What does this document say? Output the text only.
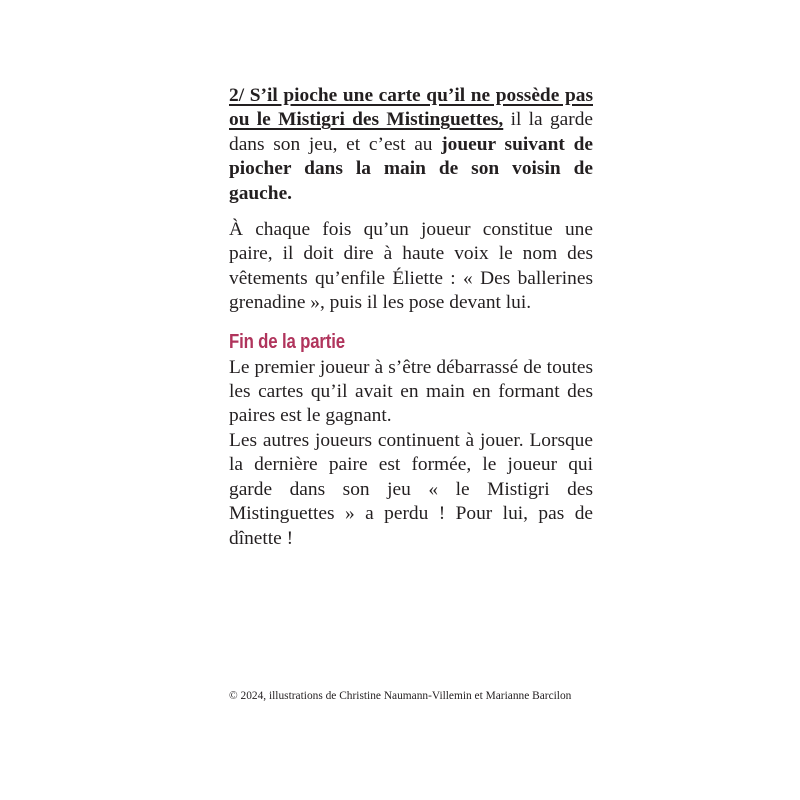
2/ S’il pioche une carte qu’il ne possède pas ou le Mistigri des Mistinguettes, il la garde dans son jeu, et c’est au joueur suivant de piocher dans la main de son voisin de gauche.

À chaque fois qu’un joueur constitue une paire, il doit dire à haute voix le nom des vêtements qu’enfile Éliette : « Des ballerines grenadine », puis il les pose devant lui.

Fin de la partie

Le premier joueur à s’être débarrassé de toutes les cartes qu’il avait en main en formant des paires est le gagnant.

Les autres joueurs continuent à jouer. Lorsque la dernière paire est formée, le joueur qui garde dans son jeu « le Mistigri des Mistinguettes » a perdu ! Pour lui, pas de dînette !

© 2024, illustrations de Christine Naumann-Villemin et Marianne Barcilon
